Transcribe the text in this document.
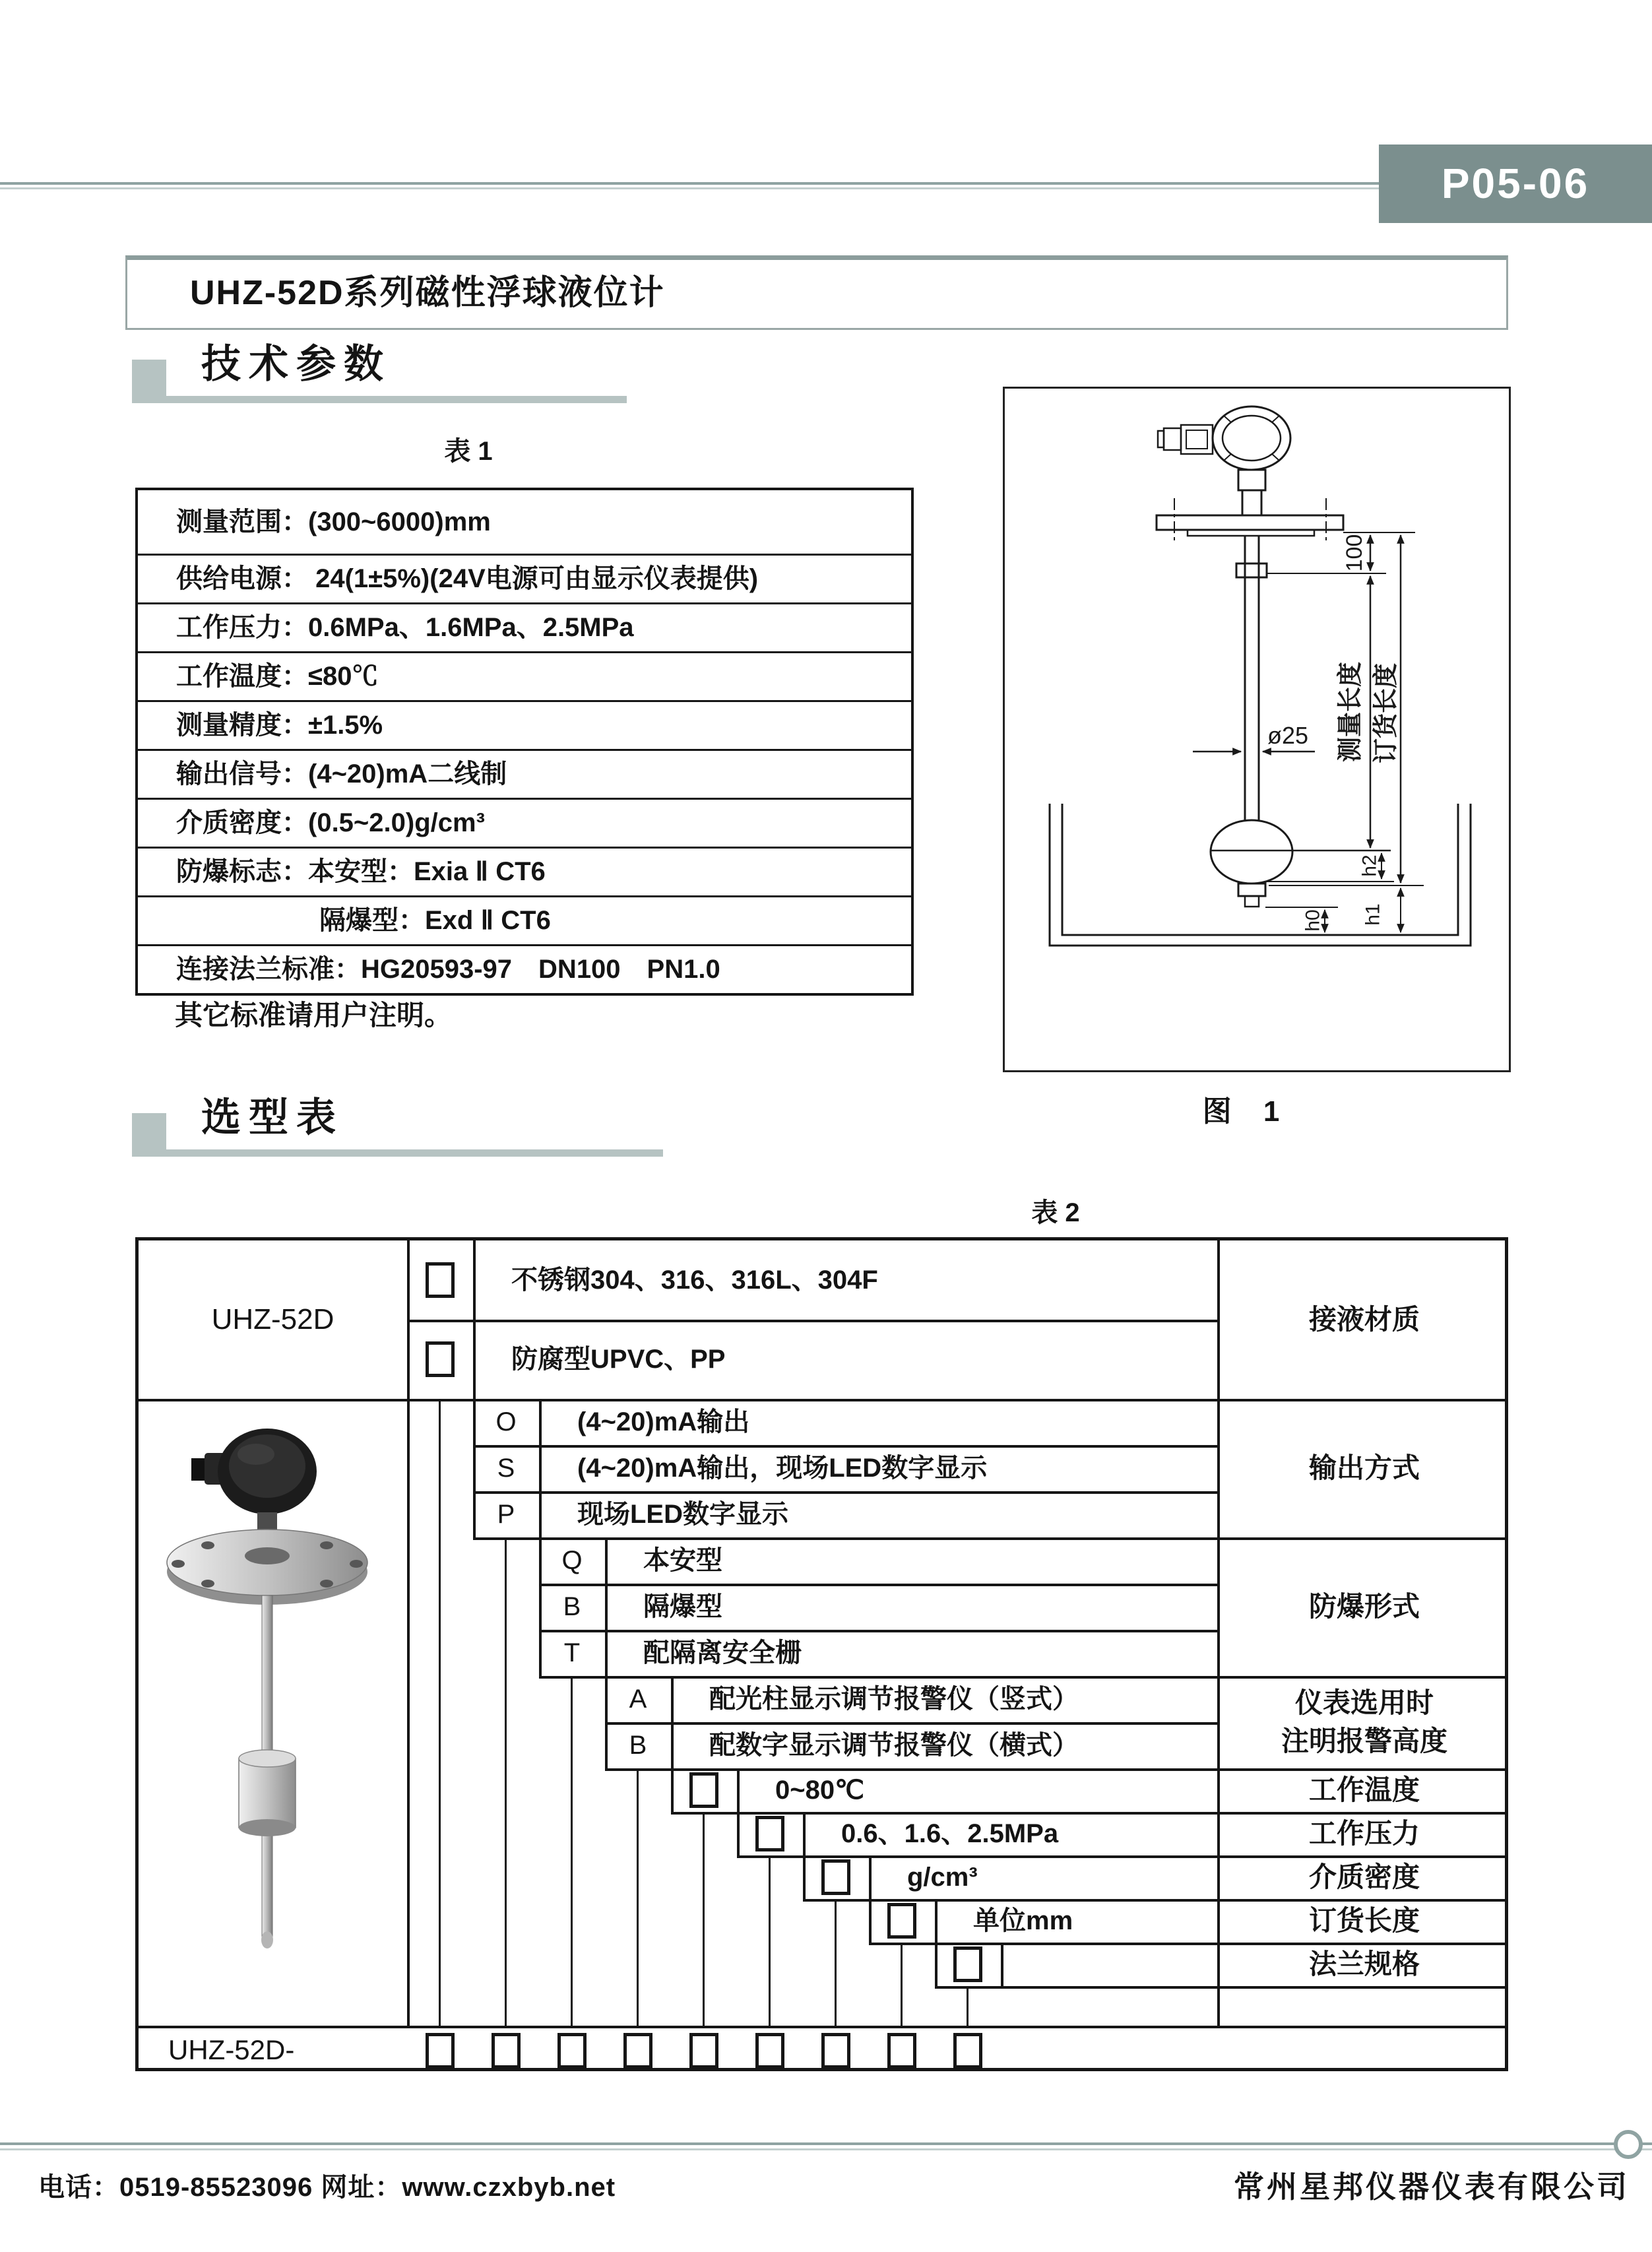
P05-06
UHZ-52D系列磁性浮球液位计
技术参数
表 1
测量范围：(300~6000)mm
供给电源： 24(1±5%)(24V电源可由显示仪表提供)
工作压力：0.6MPa、1.6MPa、2.5MPa
工作温度：≤80℃
测量精度：±1.5%
输出信号：(4~20)mA二线制
介质密度：(0.5~2.0)g/cm³
防爆标志：本安型：Exia Ⅱ CT6
隔爆型：Exd Ⅱ CT6
连接法兰标准：HG20593-97　DN100　PN1.0
其它标准请用户注明。
100
测量长度 订货长度
h2
h0 h1
ø25
图 1
选型表
表 2
UHZ-52D
不锈钢304、316、316L、304F
防腐型UPVC、PP
O
S
P
(4~20)mA输出
(4~20)mA输出，现场LED数字显示
现场LED数字显示
Q
B
T
本安型
隔爆型
配隔离安全栅
A
B
配光柱显示调节报警仪（竖式）
配数字显示调节报警仪（横式）
0~80℃
0.6、1.6、2.5MPa
g/cm³
单位mm
接液材质
输出方式
防爆形式
仪表选用时
注明报警高度
工作温度
工作压力
介质密度
订货长度
法兰规格
UHZ-52D-
电话：0519-85523096 网址：www.czxbyb.net	常州星邦仪器仪表有限公司
